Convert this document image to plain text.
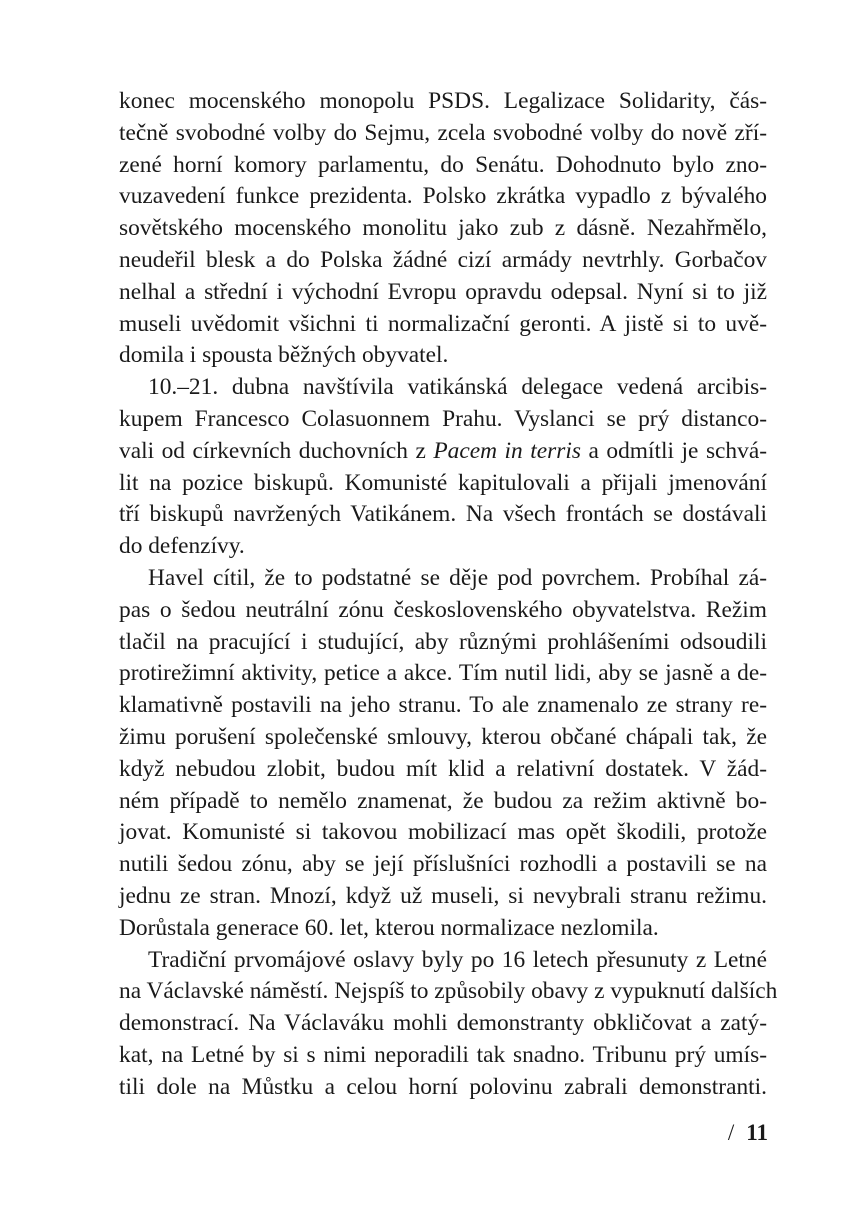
konec mocenského monopolu PSDS. Legalizace Solidarity, čás-
tečně svobodné volby do Sejmu, zcela svobodné volby do nově zří-
zené horní komory parlamentu, do Senátu. Dohodnuto bylo zno-
vuzavedení funkce prezidenta. Polsko zkrátka vypadlo z bývalého
sovětského mocenského monolitu jako zub z dásně. Nezahřmělo,
neudeřil blesk a do Polska žádné cizí armády nevtrhly. Gorbačov
nelhal a střední i východní Evropu opravdu odepsal. Nyní si to již
museli uvědomit všichni ti normalizační geronti. A jistě si to uvě-
domila i spousta běžných obyvatel.
10.–21. dubna navštívila vatikánská delegace vedená arcibis-
kupem Francesco Colasuonnem Prahu. Vyslanci se prý distanco-
vali od církevních duchovních z Pacem in terris a odmítli je schvá-
lit na pozice biskupů. Komunisté kapitulovali a přijali jmenování
tří biskupů navržených Vatikánem. Na všech frontách se dostávali
do defenzívy.
Havel cítil, že to podstatné se děje pod povrchem. Probíhal zá-
pas o šedou neutrální zónu československého obyvatelstva. Režim
tlačil na pracující i studující, aby různými prohlášeními odsoudili
protirežimní aktivity, petice a akce. Tím nutil lidi, aby se jasně a de-
klamativně postavili na jeho stranu. To ale znamenalo ze strany re-
žimu porušení společenské smlouvy, kterou občané chápali tak, že
když nebudou zlobit, budou mít klid a relativní dostatek. V žád-
ném případě to nemělo znamenat, že budou za režim aktivně bo-
jovat. Komunisté si takovou mobilizací mas opět škodili, protože
nutili šedou zónu, aby se její příslušníci rozhodli a postavili se na
jednu ze stran. Mnozí, když už museli, si nevybrali stranu režimu.
Dorůstala generace 60. let, kterou normalizace nezlomila.
Tradiční prvomájové oslavy byly po 16 letech přesunuty z Letné
na Václavské náměstí. Nejspíš to způsobily obavy z vypuknutí dalších
demonstrací. Na Václaváku mohli demonstranty obkličovat a zatý-
kat, na Letné by si s nimi neporadili tak snadno. Tribunu prý umís-
tili dole na Můstku a celou horní polovinu zabrali demonstranti.
/ 11
